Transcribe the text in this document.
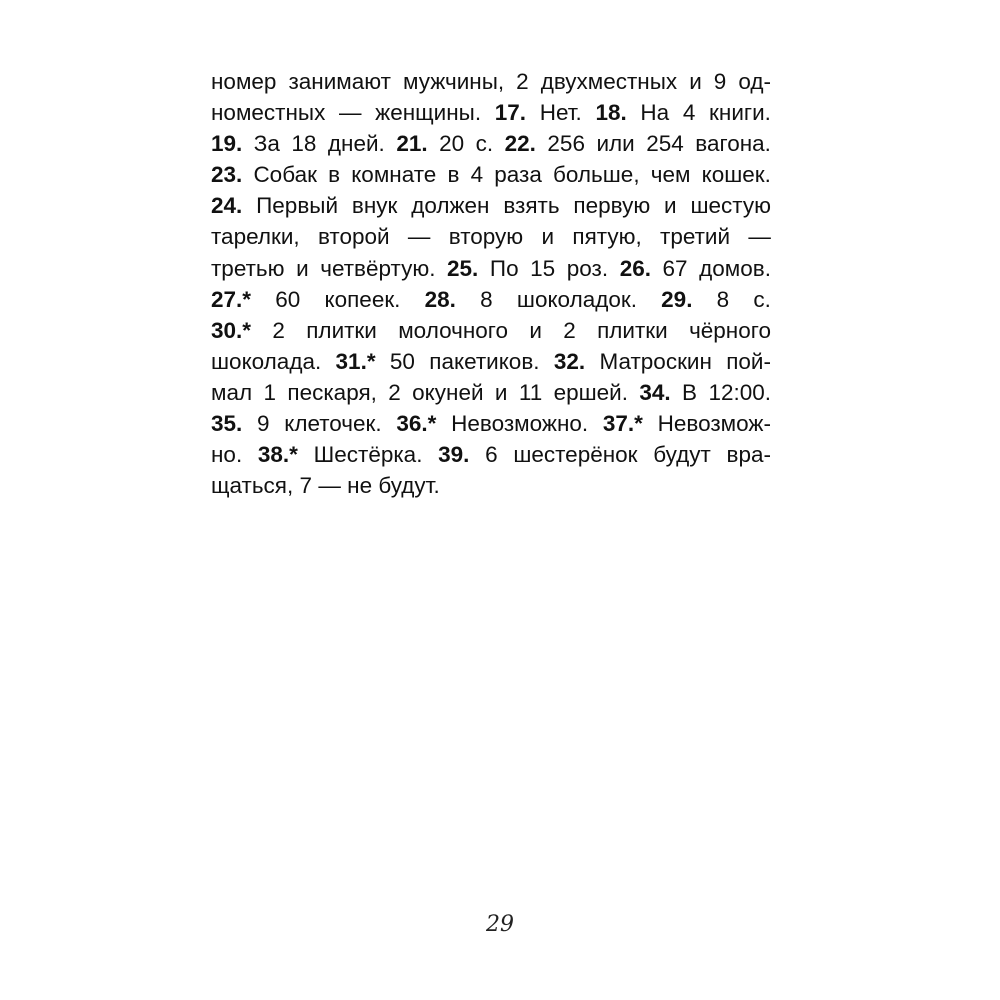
номер занимают мужчины, 2 двухместных и 9 од-
номестных — женщины. 17. Нет. 18. На 4 книги.
19. За 18 дней. 21. 20 с. 22. 256 или 254 вагона.
23. Собак в комнате в 4 раза больше, чем кошек.
24. Первый внук должен взять первую и шестую
тарелки, второй — вторую и пятую, третий —
третью и четвёртую. 25. По 15 роз. 26. 67 домов.
27.* 60 копеек. 28. 8 шоколадок. 29. 8 с.
30.* 2 плитки молочного и 2 плитки чёрного
шоколада. 31.* 50 пакетиков. 32. Матроскин пой-
мал 1 пескаря, 2 окуней и 11 ершей. 34. В 12:00.
35. 9 клеточек. 36.* Невозможно. 37.* Невозмож-
но. 38.* Шестёрка. 39. 6 шестерёнок будут вра-
щаться, 7 — не будут.
29
